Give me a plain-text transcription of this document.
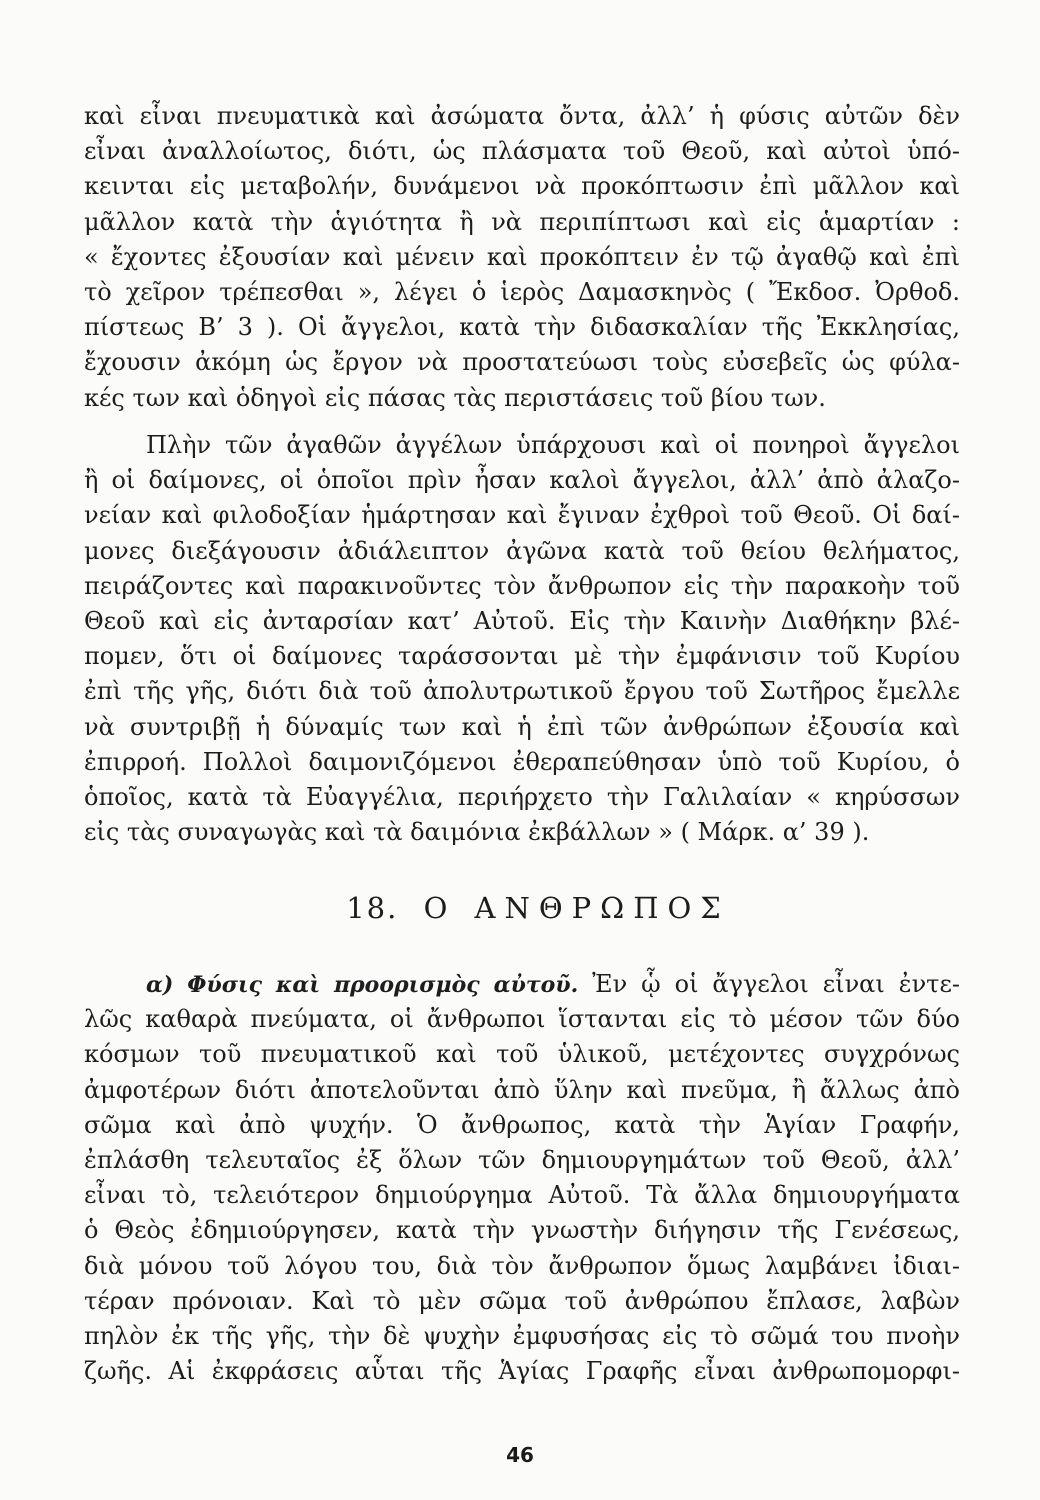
καὶ εἶναι πνευματικὰ καὶ ἀσώματα ὄντα, ἀλλ’ ἡ φύσις αὐτῶν δὲν
εἶναι ἀναλλοίωτος, διότι, ὡς πλάσματα τοῦ Θεοῦ, καὶ αὐτοὶ ὑπό-
κεινται εἰς μεταβολήν, δυνάμενοι νὰ προκόπτωσιν ἐπὶ μᾶλλον καὶ
μᾶλλον κατὰ τὴν ἁγιότητα ἢ νὰ περιπίπτωσι καὶ εἰς ἁμαρτίαν :
« ἔχοντες ἐξουσίαν καὶ μένειν καὶ προκόπτειν ἐν τῷ ἀγαθῷ καὶ ἐπὶ
τὸ χεῖρον τρέπεσθαι », λέγει ὁ ἱερὸς Δαμασκηνὸς ( Ἔκδοσ. Ὀρθοδ.
πίστεως Β’ 3 ). Οἱ ἄγγελοι, κατὰ τὴν διδασκαλίαν τῆς Ἐκκλησίας,
ἔχουσιν ἀκόμη ὡς ἔργον νὰ προστατεύωσι τοὺς εὐσεβεῖς ὡς φύλα-
κές των καὶ ὁδηγοὶ εἰς πάσας τὰς περιστάσεις τοῦ βίου των.
Πλὴν τῶν ἀγαθῶν ἀγγέλων ὑπάρχουσι καὶ οἱ πονηροὶ ἄγγελοι
ἢ οἱ δαίμονες, οἱ ὁποῖοι πρὶν ἦσαν καλοὶ ἄγγελοι, ἀλλ’ ἀπὸ ἀλαζο-
νείαν καὶ φιλοδοξίαν ἡμάρτησαν καὶ ἔγιναν ἐχθροὶ τοῦ Θεοῦ. Οἱ δαί-
μονες διεξάγουσιν ἀδιάλειπτον ἀγῶνα κατὰ τοῦ θείου θελήματος,
πειράζοντες καὶ παρακινοῦντες τὸν ἄνθρωπον εἰς τὴν παρακοὴν τοῦ
Θεοῦ καὶ εἰς ἀνταρσίαν κατ’ Αὐτοῦ. Εἰς τὴν Καινὴν Διαθήκην βλέ-
πομεν, ὅτι οἱ δαίμονες ταράσσονται μὲ τὴν ἐμφάνισιν τοῦ Κυρίου
ἐπὶ τῆς γῆς, διότι διὰ τοῦ ἀπολυτρωτικοῦ ἔργου τοῦ Σωτῆρος ἔμελλε
νὰ συντριβῇ ἡ δύναμίς των καὶ ἡ ἐπὶ τῶν ἀνθρώπων ἐξουσία καὶ
ἐπιρροή. Πολλοὶ δαιμονιζόμενοι ἐθεραπεύθησαν ὑπὸ τοῦ Κυρίου, ὁ
ὁποῖος, κατὰ τὰ Εὐαγγέλια, περιήρχετο τὴν Γαλιλαίαν « κηρύσσων
εἰς τὰς συναγωγὰς καὶ τὰ δαιμόνια ἐκβάλλων » ( Μάρκ. α’ 39 ).
18. Ο ΑΝΘΡΩΠΟΣ
α) Φύσις καὶ προορισμὸς αὐτοῦ. Ἐν ᾧ οἱ ἄγγελοι εἶναι ἐντε-
λῶς καθαρὰ πνεύματα, οἱ ἄνθρωποι ἵστανται εἰς τὸ μέσον τῶν δύο
κόσμων τοῦ πνευματικοῦ καὶ τοῦ ὑλικοῦ, μετέχοντες συγχρόνως
ἀμφοτέρων διότι ἀποτελοῦνται ἀπὸ ὕλην καὶ πνεῦμα, ἢ ἄλλως ἀπὸ
σῶμα καὶ ἀπὸ ψυχήν. Ὁ ἄνθρωπος, κατὰ τὴν Ἁγίαν Γραφήν,
ἐπλάσθη τελευταῖος ἐξ ὅλων τῶν δημιουργημάτων τοῦ Θεοῦ, ἀλλ’
εἶναι τὸ, τελειότερον δημιούργημα Αὐτοῦ. Τὰ ἄλλα δημιουργήματα
ὁ Θεὸς ἐδημιούργησεν, κατὰ τὴν γνωστὴν διήγησιν τῆς Γενέσεως,
διὰ μόνου τοῦ λόγου του, διὰ τὸν ἄνθρωπον ὅμως λαμβάνει ἰδιαι-
τέραν πρόνοιαν. Καὶ τὸ μὲν σῶμα τοῦ ἀνθρώπου ἔπλασε, λαβὼν
πηλὸν ἐκ τῆς γῆς, τὴν δὲ ψυχὴν ἐμφυσήσας εἰς τὸ σῶμά του πνοὴν
ζωῆς. Αἱ ἐκφράσεις αὗται τῆς Ἁγίας Γραφῆς εἶναι ἀνθρωπομορφι-
46
